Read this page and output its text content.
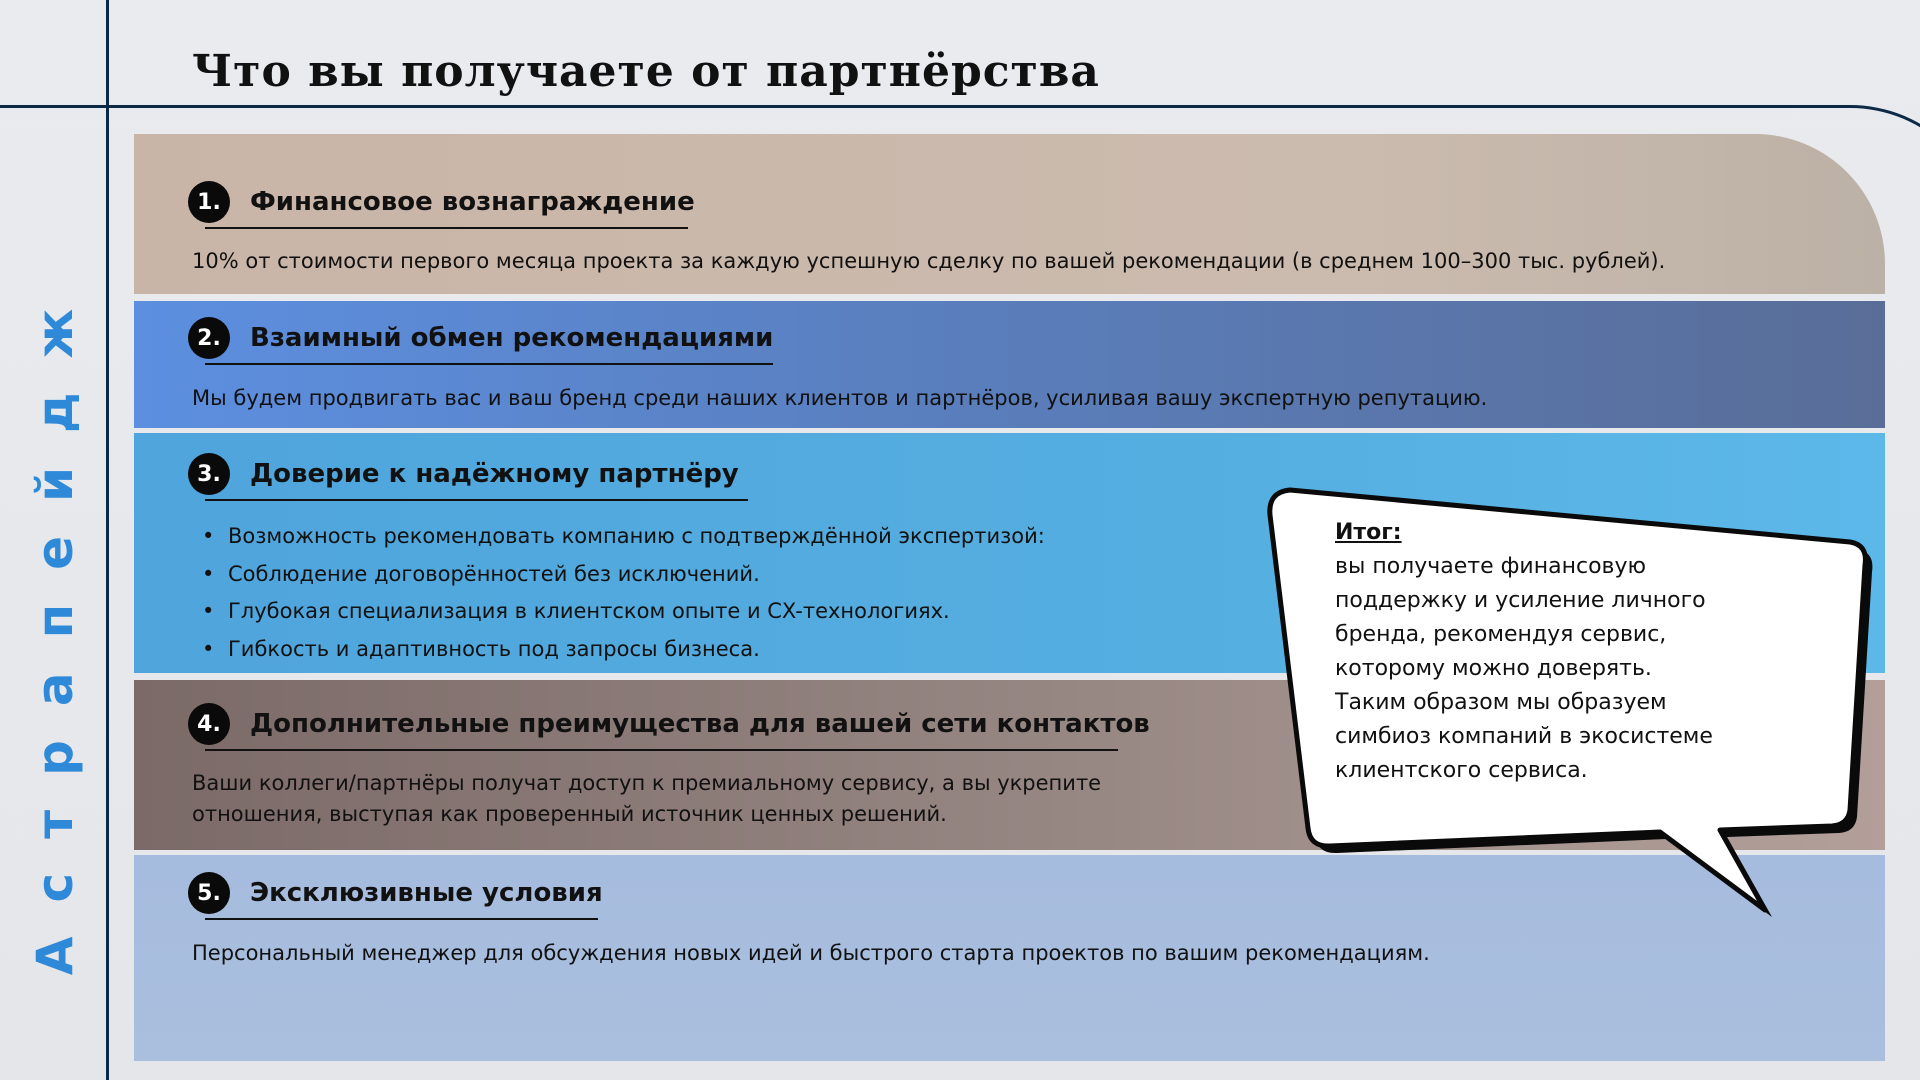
Астрапейдж
Что вы получаете от партнёрства
1.	Финансовое вознаграждение

10% от стоимости первого месяца проекта за каждую успешную сделку по вашей рекомендации (в среднем 100–300 тыс. рублей).

2.	Взаимный обмен рекомендациями

Мы будем продвигать вас и ваш бренд среди наших клиентов и партнёров, усиливая вашу экспертную репутацию.

3.	Доверие к надёжному партнёру
• Возможность рекомендовать компанию с подтверждённой экспертизой:
• Соблюдение договорённостей без исключений.
• Глубокая специализация в клиентском опыте и CX-технологиях.
• Гибкость и адаптивность под запросы бизнеса.
4.	Дополнительные преимущества для вашей сети контактов

Ваши коллеги/партнёры получат доступ к премиальному сервису, а вы укрепите

отношения, выступая как проверенный источник ценных решений.

5.	Эксклюзивные условия

Персональный менеджер для обсуждения новых идей и быстрого старта проектов по вашим рекомендациям.

Итог:
вы получаете финансовую
поддержку и усиление личного
бренда, рекомендуя сервис,
которому можно доверять.
Таким образом мы образуем
симбиоз компаний в экосистеме
клиентского сервиса.
